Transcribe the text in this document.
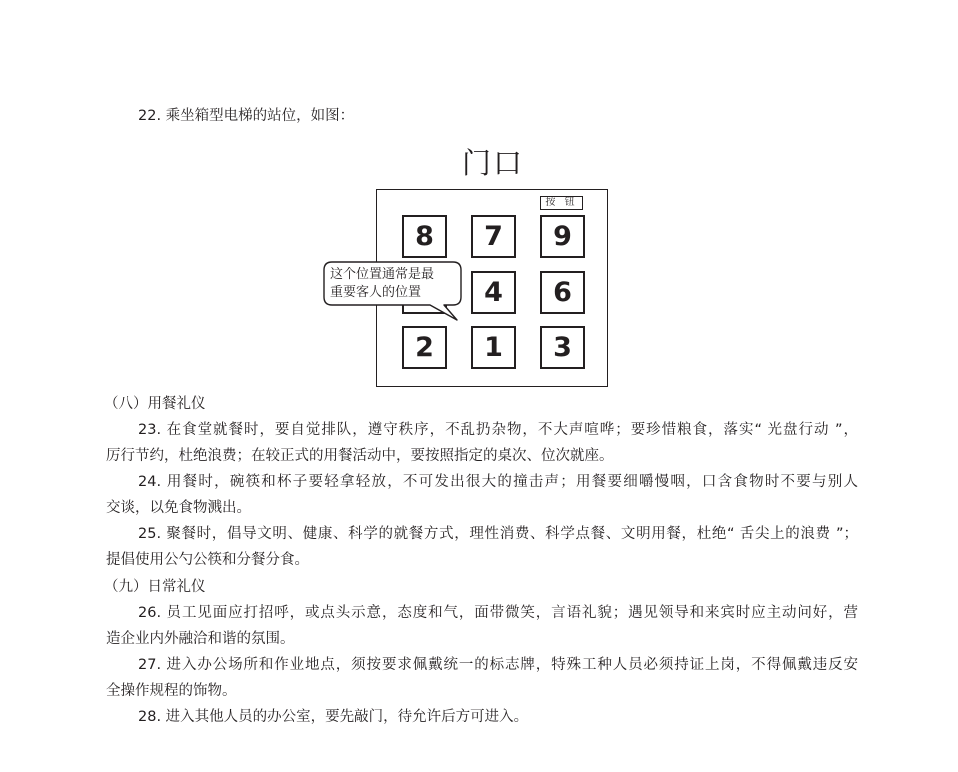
22. 乘坐箱型电梯的站位，如图：
门口
按 钮
8	7	9
4	6
2	1	3
这个位置通常是最
重要客人的位置
（八）用餐礼仪
23. 在食堂就餐时，要自觉排队，遵守秩序，不乱扔杂物，不大声喧哗；要珍惜粮食，落实“ 光盘行动 ”，
厉行节约，杜绝浪费；在较正式的用餐活动中，要按照指定的桌次、位次就座。
24. 用餐时，碗筷和杯子要轻拿轻放，不可发出很大的撞击声；用餐要细嚼慢咽，口含食物时不要与别人
交谈，以免食物溅出。
25. 聚餐时，倡导文明、健康、科学的就餐方式，理性消费、科学点餐、文明用餐，杜绝“ 舌尖上的浪费 ”；
提倡使用公勺公筷和分餐分食。
（九）日常礼仪
26. 员工见面应打招呼，或点头示意，态度和气，面带微笑，言语礼貌；遇见领导和来宾时应主动问好，营
造企业内外融洽和谐的氛围。
27. 进入办公场所和作业地点，须按要求佩戴统一的标志牌，特殊工种人员必须持证上岗，不得佩戴违反安
全操作规程的饰物。
28. 进入其他人员的办公室，要先敲门，待允许后方可进入。
